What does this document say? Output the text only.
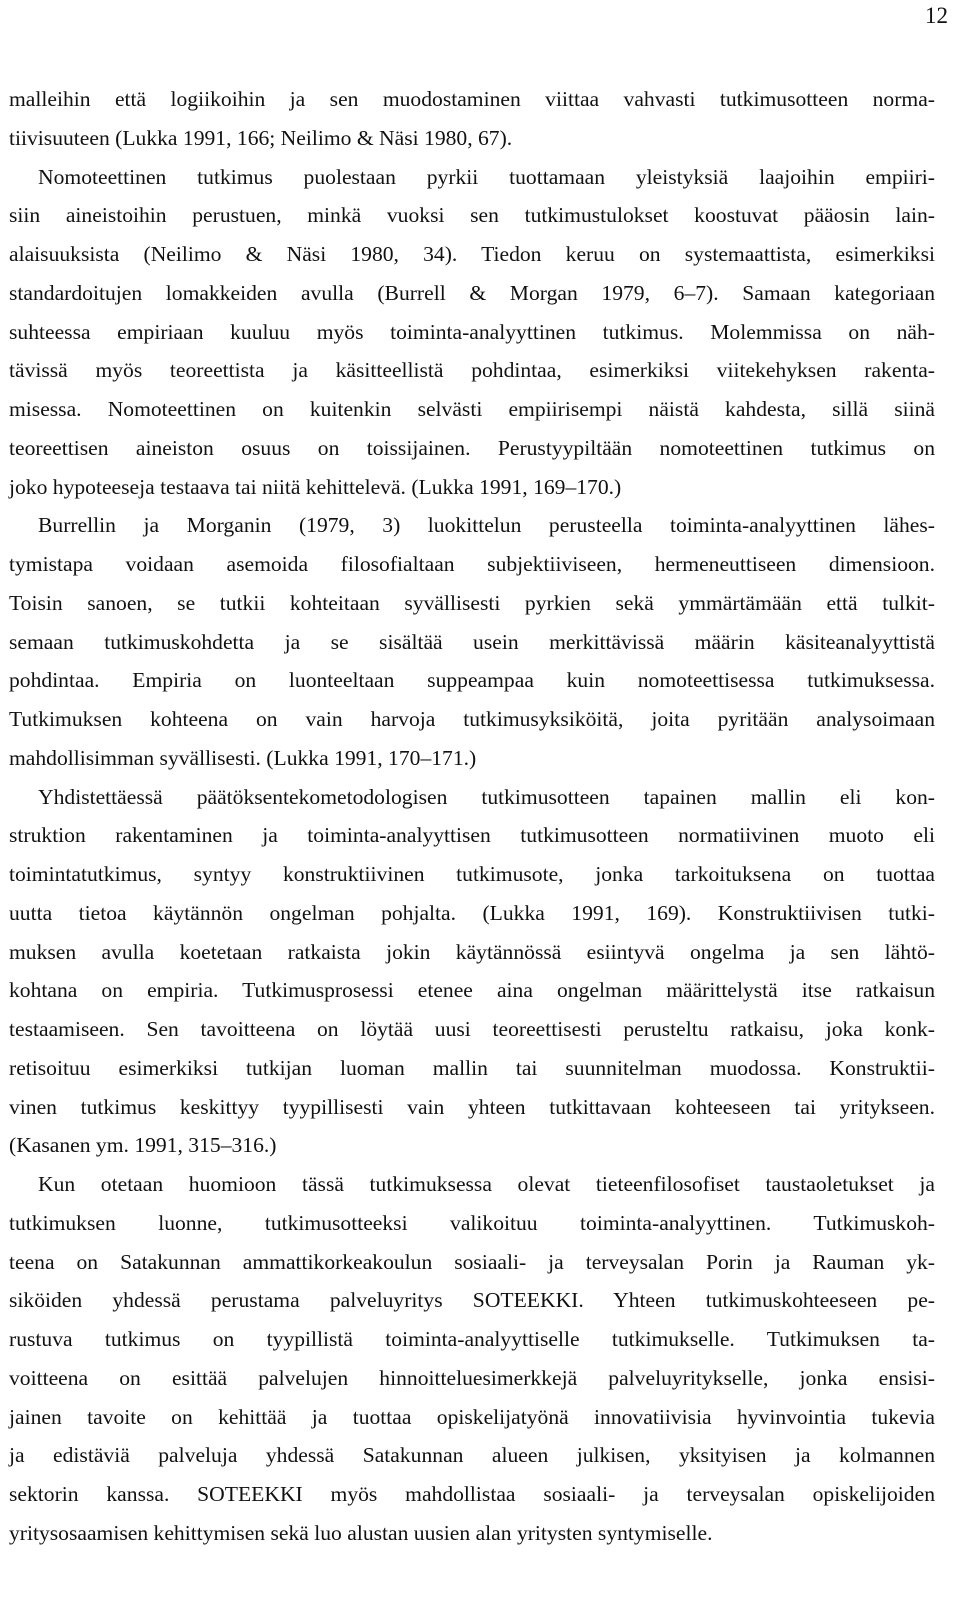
12
malleihin että logiikoihin ja sen muodostaminen viittaa vahvasti tutkimusotteen norma-
tiivisuuteen (Lukka 1991, 166; Neilimo & Näsi 1980, 67).
Nomoteettinen tutkimus puolestaan pyrkii tuottamaan yleistyksiä laajoihin empiiri-
siin aineistoihin perustuen, minkä vuoksi sen tutkimustulokset koostuvat pääosin lain-
alaisuuksista (Neilimo & Näsi 1980, 34). Tiedon keruu on systemaattista, esimerkiksi
standardoitujen lomakkeiden avulla (Burrell & Morgan 1979, 6–7). Samaan kategoriaan
suhteessa empiriaan kuuluu myös toiminta-analyyttinen tutkimus. Molemmissa on näh-
tävissä myös teoreettista ja käsitteellistä pohdintaa, esimerkiksi viitekehyksen rakenta-
misessa. Nomoteettinen on kuitenkin selvästi empiirisempi näistä kahdesta, sillä siinä
teoreettisen aineiston osuus on toissijainen. Perustyypiltään nomoteettinen tutkimus on
joko hypoteeseja testaava tai niitä kehittelevä. (Lukka 1991, 169–170.)
Burrellin ja Morganin (1979, 3) luokittelun perusteella toiminta-analyyttinen lähes-
tymistapa voidaan asemoida filosofialtaan subjektiiviseen, hermeneuttiseen dimensioon.
Toisin sanoen, se tutkii kohteitaan syvällisesti pyrkien sekä ymmärtämään että tulkit-
semaan tutkimuskohdetta ja se sisältää usein merkittävissä määrin käsiteanalyyttistä
pohdintaa. Empiria on luonteeltaan suppeampaa kuin nomoteettisessa tutkimuksessa.
Tutkimuksen kohteena on vain harvoja tutkimusyksiköitä, joita pyritään analysoimaan
mahdollisimman syvällisesti. (Lukka 1991, 170–171.)
Yhdistettäessä päätöksentekometodologisen tutkimusotteen tapainen mallin eli kon-
struktion rakentaminen ja toiminta-analyyttisen tutkimusotteen normatiivinen muoto eli
toimintatutkimus, syntyy konstruktiivinen tutkimusote, jonka tarkoituksena on tuottaa
uutta tietoa käytännön ongelman pohjalta. (Lukka 1991, 169). Konstruktiivisen tutki-
muksen avulla koetetaan ratkaista jokin käytännössä esiintyvä ongelma ja sen lähtö-
kohtana on empiria. Tutkimusprosessi etenee aina ongelman määrittelystä itse ratkaisun
testaamiseen. Sen tavoitteena on löytää uusi teoreettisesti perusteltu ratkaisu, joka konk-
retisoituu esimerkiksi tutkijan luoman mallin tai suunnitelman muodossa. Konstruktii-
vinen tutkimus keskittyy tyypillisesti vain yhteen tutkittavaan kohteeseen tai yritykseen.
(Kasanen ym. 1991, 315–316.)
Kun otetaan huomioon tässä tutkimuksessa olevat tieteenfilosofiset taustaoletukset ja
tutkimuksen luonne, tutkimusotteeksi valikoituu toiminta-analyyttinen. Tutkimuskoh-
teena on Satakunnan ammattikorkeakoulun sosiaali- ja terveysalan Porin ja Rauman yk-
siköiden yhdessä perustama palveluyritys SOTEEKKI. Yhteen tutkimuskohteeseen pe-
rustuva tutkimus on tyypillistä toiminta-analyyttiselle tutkimukselle. Tutkimuksen ta-
voitteena on esittää palvelujen hinnoitteluesimerkkejä palveluyritykselle, jonka ensisi-
jainen tavoite on kehittää ja tuottaa opiskelijatyönä innovatiivisia hyvinvointia tukevia
ja edistäviä palveluja yhdessä Satakunnan alueen julkisen, yksityisen ja kolmannen
sektorin kanssa. SOTEEKKI myös mahdollistaa sosiaali- ja terveysalan opiskelijoiden
yritysosaamisen kehittymisen sekä luo alustan uusien alan yritysten syntymiselle.
